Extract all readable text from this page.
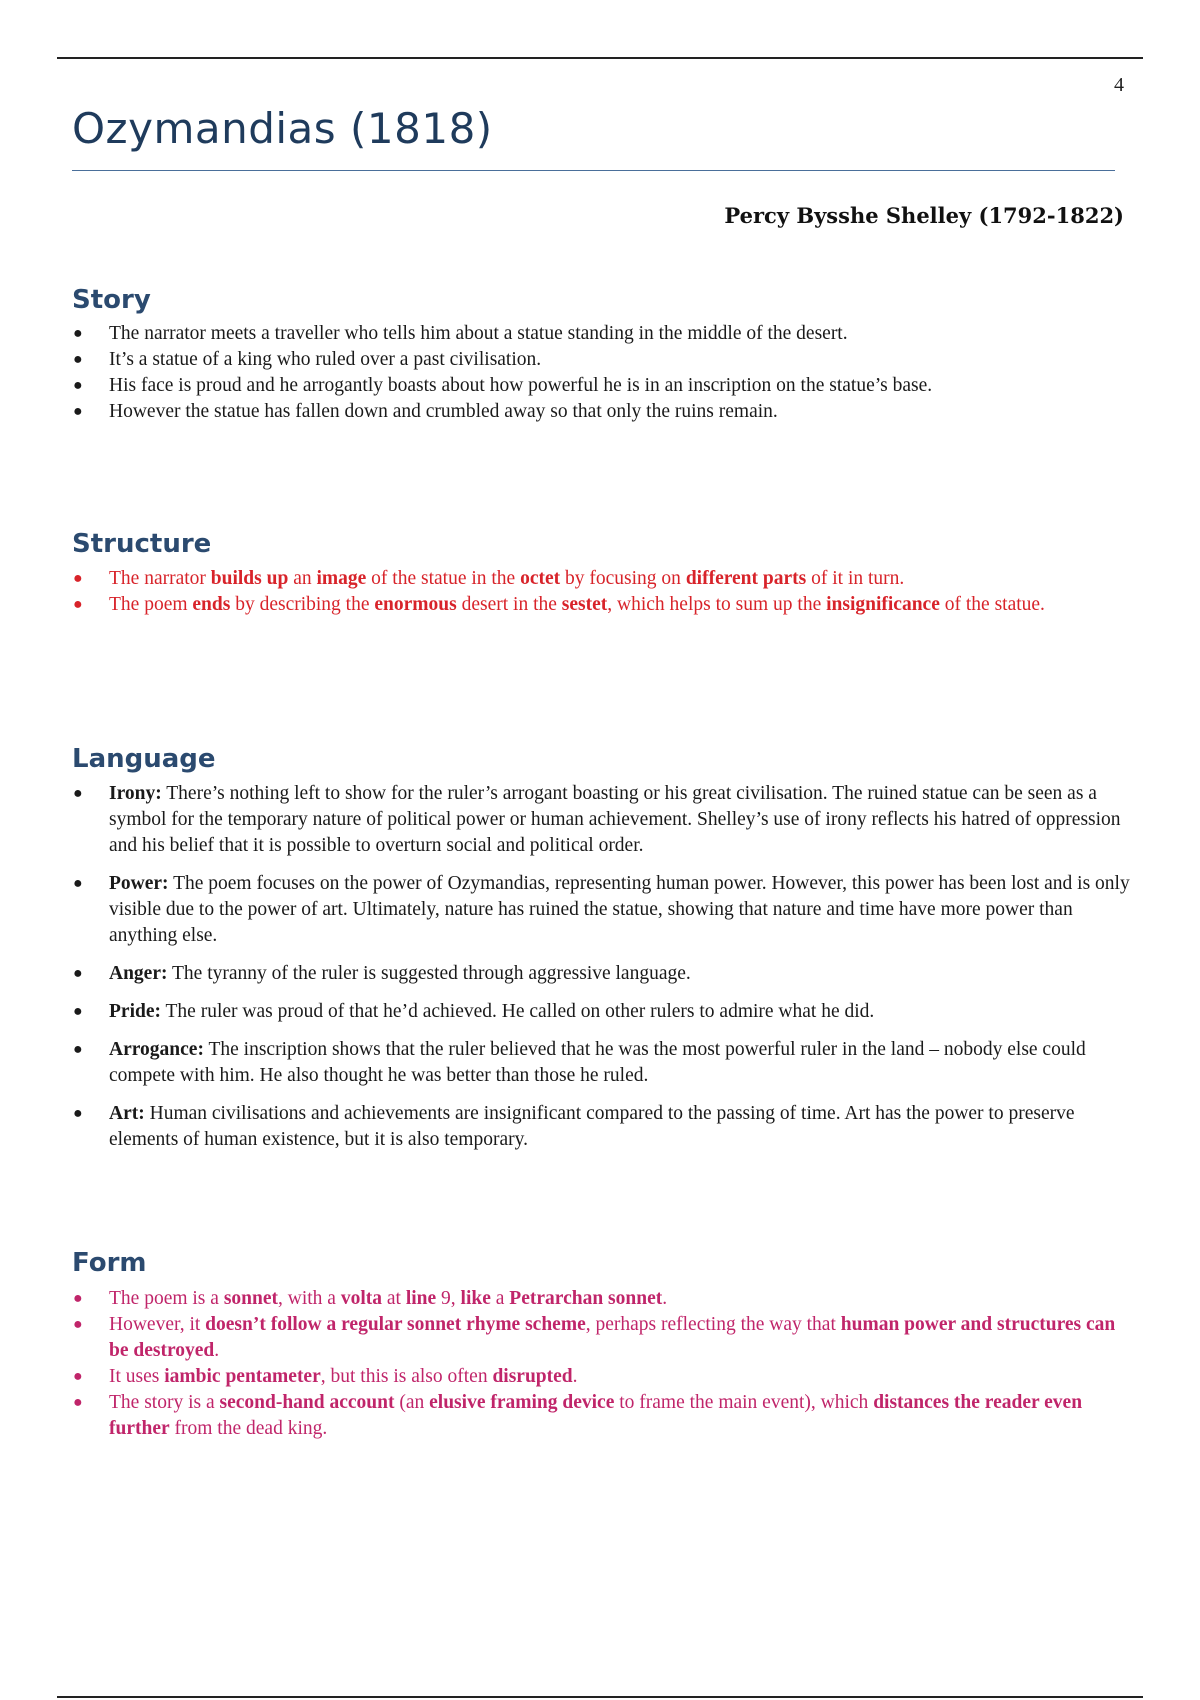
4
Ozymandias (1818)
Percy Bysshe Shelley (1792-1822)
Story
● The narrator meets a traveller who tells him about a statue standing in the middle of the desert.
● It’s a statue of a king who ruled over a past civilisation.
● His face is proud and he arrogantly boasts about how powerful he is in an inscription on the statue’s base.
● However the statue has fallen down and crumbled away so that only the ruins remain.
Structure
● The narrator builds up an image of the statue in the octet by focusing on different parts of it in turn.
● The poem ends by describing the enormous desert in the sestet, which helps to sum up the insignificance of the statue.
Language
● Irony: There’s nothing left to show for the ruler’s arrogant boasting or his great civilisation. The ruined statue can be seen as a symbol for the temporary nature of political power or human achievement. Shelley’s use of irony reflects his hatred of oppression and his belief that it is possible to overturn social and political order.
● Power: The poem focuses on the power of Ozymandias, representing human power. However, this power has been lost and is only visible due to the power of art. Ultimately, nature has ruined the statue, showing that nature and time have more power than anything else.
● Anger: The tyranny of the ruler is suggested through aggressive language.
● Pride: The ruler was proud of that he’d achieved. He called on other rulers to admire what he did.
● Arrogance: The inscription shows that the ruler believed that he was the most powerful ruler in the land – nobody else could compete with him. He also thought he was better than those he ruled.
● Art: Human civilisations and achievements are insignificant compared to the passing of time. Art has the power to preserve elements of human existence, but it is also temporary.
Form
● The poem is a sonnet, with a volta at line 9, like a Petrarchan sonnet.
● However, it doesn’t follow a regular sonnet rhyme scheme, perhaps reflecting the way that human power and structures can be destroyed.
● It uses iambic pentameter, but this is also often disrupted.
● The story is a second-hand account (an elusive framing device to frame the main event), which distances the reader even further from the dead king.
